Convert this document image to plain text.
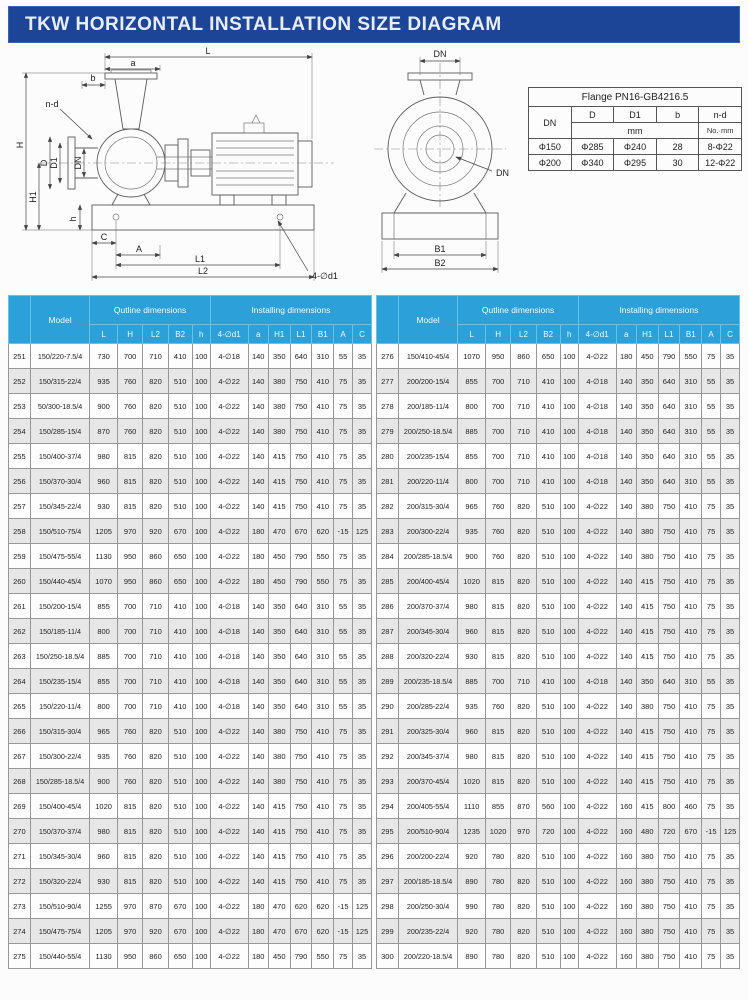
TKW HORIZONTAL INSTALLATION SIZE DIAGRAM
L
a
b
n-d
D D1 DN
H
H1
h
C
A
L1
L2	4-∅d1
DN
DN
B1
B2
Flange PN16-GB4216.5				
DN	D	D1	b	n-d
	mm			No.·mm
Φ150	Φ285	Φ240	28	8-Φ22
Φ200	Φ340	Φ295	30	12-Φ22
	Model	Qutline dimensions					Installing dimensions						
		L	H	L2	B2	h	4-∅d1	a	H1	L1	B1	A	C
251	150/220-7.5/4	730	700	710	410	100	4-∅18	140	350	640	310	55	35
252	150/315-22/4	935	760	820	510	100	4-∅22	140	380	750	410	75	35
253	50/300-18.5/4	900	760	820	510	100	4-∅22	140	380	750	410	75	35
254	150/285-15/4	870	760	820	510	100	4-∅22	140	380	750	410	75	35
255	150/400-37/4	980	815	820	510	100	4-∅22	140	415	750	410	75	35
256	150/370-30/4	960	815	820	510	100	4-∅22	140	415	750	410	75	35
257	150/345-22/4	930	815	820	510	100	4-∅22	140	415	750	410	75	35
258	150/510-75/4	1205	970	920	670	100	4-∅22	180	470	670	620	-15	125
259	150/475-55/4	1130	950	860	650	100	4-∅22	180	450	790	550	75	35
260	150/440-45/4	1070	950	860	650	100	4-∅22	180	450	790	550	75	35
261	150/200-15/4	855	700	710	410	100	4-∅18	140	350	640	310	55	35
262	150/185-11/4	800	700	710	410	100	4-∅18	140	350	640	310	55	35
263	150/250-18.5/4	885	700	710	410	100	4-∅18	140	350	640	310	55	35
264	150/235-15/4	855	700	710	410	100	4-∅18	140	350	640	310	55	35
265	150/220-11/4	800	700	710	410	100	4-∅18	140	350	640	310	55	35
266	150/315-30/4	965	760	820	510	100	4-∅22	140	380	750	410	75	35
267	150/300-22/4	935	760	820	510	100	4-∅22	140	380	750	410	75	35
268	150/285-18.5/4	900	760	820	510	100	4-∅22	140	380	750	410	75	35
269	150/400-45/4	1020	815	820	510	100	4-∅22	140	415	750	410	75	35
270	150/370-37/4	980	815	820	510	100	4-∅22	140	415	750	410	75	35
271	150/345-30/4	960	815	820	510	100	4-∅22	140	415	750	410	75	35
272	150/320-22/4	930	815	820	510	100	4-∅22	140	415	750	410	75	35
273	150/510-90/4	1255	970	870	670	100	4-∅22	180	470	620	620	-15	125
274	150/475-75/4	1205	970	920	670	100	4-∅22	180	470	670	620	-15	125
275	150/440-55/4	1130	950	860	650	100	4-∅22	180	450	790	550	75	35
	Model	Qutline dimensions					Installing dimensions						
		L	H	L2	B2	h	4-∅d1	a	H1	L1	B1	A	C
276	150/410-45/4	1070	950	860	650	100	4-∅22	180	450	790	550	75	35
277	200/200-15/4	855	700	710	410	100	4-∅18	140	350	640	310	55	35
278	200/185-11/4	800	700	710	410	100	4-∅18	140	350	640	310	55	35
279	200/250-18.5/4	885	700	710	410	100	4-∅18	140	350	640	310	55	35
280	200/235-15/4	855	700	710	410	100	4-∅18	140	350	640	310	55	35
281	200/220-11/4	800	700	710	410	100	4-∅18	140	350	640	310	55	35
282	200/315-30/4	965	760	820	510	100	4-∅22	140	380	750	410	75	35
283	200/300-22/4	935	760	820	510	100	4-∅22	140	380	750	410	75	35
284	200/285-18.5/4	900	760	820	510	100	4-∅22	140	380	750	410	75	35
285	200/400-45/4	1020	815	820	510	100	4-∅22	140	415	750	410	75	35
286	200/370-37/4	980	815	820	510	100	4-∅22	140	415	750	410	75	35
287	200/345-30/4	960	815	820	510	100	4-∅22	140	415	750	410	75	35
288	200/320-22/4	930	815	820	510	100	4-∅22	140	415	750	410	75	35
289	200/235-18.5/4	885	700	710	410	100	4-∅18	140	350	640	310	55	35
290	200/285-22/4	935	760	820	510	100	4-∅22	140	380	750	410	75	35
291	200/325-30/4	960	815	820	510	100	4-∅22	140	415	750	410	75	35
292	200/345-37/4	980	815	820	510	100	4-∅22	140	415	750	410	75	35
293	200/370-45/4	1020	815	820	510	100	4-∅22	140	415	750	410	75	35
294	200/405-55/4	1110	855	870	560	100	4-∅22	160	415	800	460	75	35
295	200/510-90/4	1235	1020	970	720	100	4-∅22	160	480	720	670	-15	125
296	200/200-22/4	920	780	820	510	100	4-∅22	160	380	750	410	75	35
297	200/185-18.5/4	890	780	820	510	100	4-∅22	160	380	750	410	75	35
298	200/250-30/4	990	780	820	510	100	4-∅22	160	380	750	410	75	35
299	200/235-22/4	920	780	820	510	100	4-∅22	160	380	750	410	75	35
300	200/220-18.5/4	890	780	820	510	100	4-∅22	160	380	750	410	75	35
